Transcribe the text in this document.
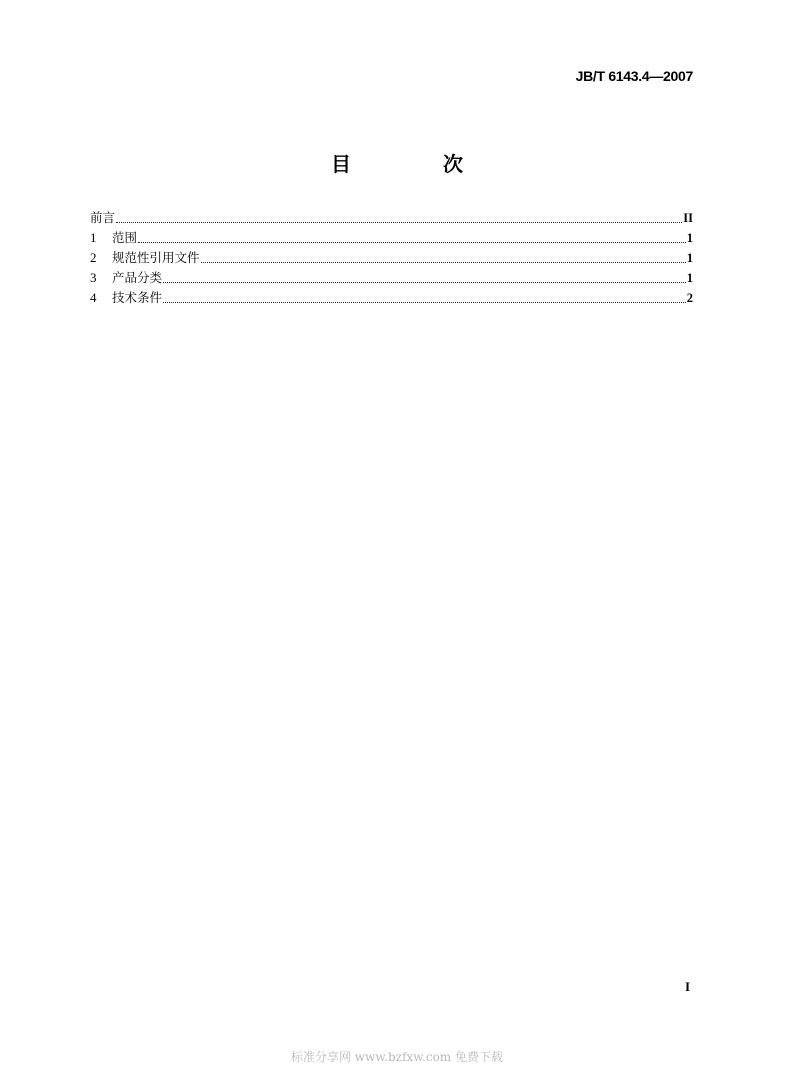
JB/T 6143.4—2007
目　次
前言	II
1	范围	1
2	规范性引用文件	1
3	产品分类	1
4	技术条件	2
I
标准分享网 www.bzfxw.com 免费下载
